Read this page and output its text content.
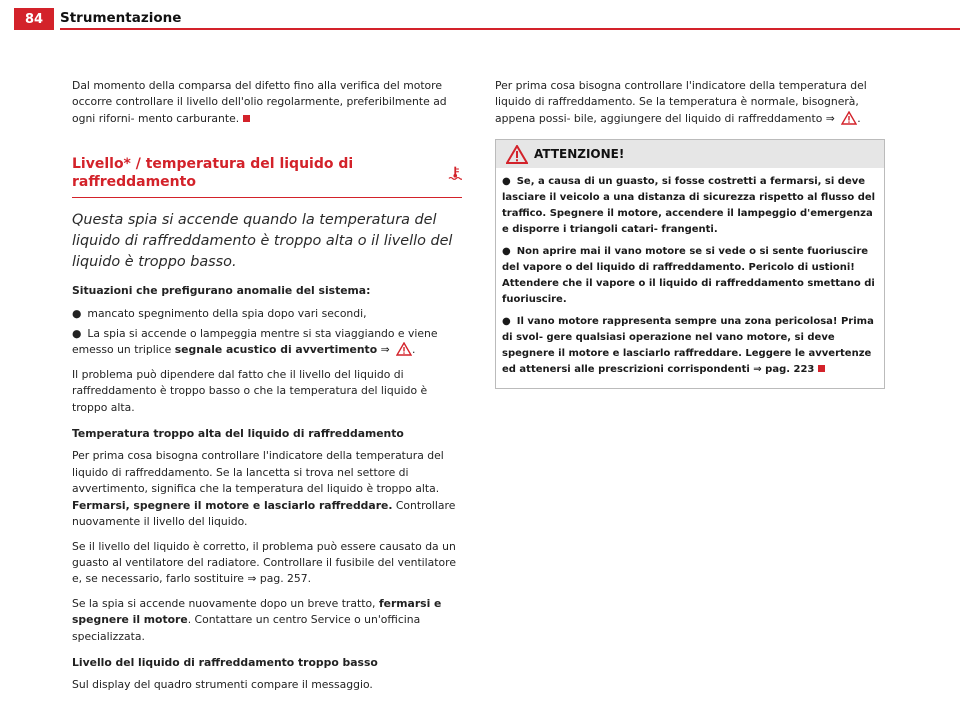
84	Strumentazione

Dal momento della comparsa del difetto fino alla verifica del motore occorre controllare il livello dell'olio regolarmente, preferibilmente ad ogni riforni- mento carburante.

Livello* / temperatura del liquido di raffreddamento
Questa spia si accende quando la temperatura del liquido di raffreddamento è troppo alta o il livello del liquido è troppo basso.
Situazioni che prefigurano anomalie del sistema:
● mancato spegnimento della spia dopo vari secondi,
● La spia si accende o lampeggia mentre si sta viaggiando e viene emesso un triplice segnale acustico di avvertimento ⇒ .

Il problema può dipendere dal fatto che il livello del liquido di raffreddamento è troppo basso o che la temperatura del liquido è troppo alta.

Temperatura troppo alta del liquido di raffreddamento

Per prima cosa bisogna controllare l'indicatore della temperatura del liquido di raffreddamento. Se la lancetta si trova nel settore di avvertimento, significa che la temperatura del liquido è troppo alta. Fermarsi, spegnere il motore e lasciarlo raffreddare. Controllare nuovamente il livello del liquido.

Se il livello del liquido è corretto, il problema può essere causato da un guasto al ventilatore del radiatore. Controllare il fusibile del ventilatore e, se necessario, farlo sostituire ⇒ pag. 257.

Se la spia si accende nuovamente dopo un breve tratto, fermarsi e spegnere il motore. Contattare un centro Service o un'officina specializzata.

Livello del liquido di raffreddamento troppo basso

Sul display del quadro strumenti compare il messaggio.

Per prima cosa bisogna controllare l'indicatore della temperatura del liquido di raffreddamento. Se la temperatura è normale, bisognerà, appena possi- bile, aggiungere del liquido di raffreddamento ⇒ .

ATTENZIONE!
● Se, a causa di un guasto, si fosse costretti a fermarsi, si deve lasciare il veicolo a una distanza di sicurezza rispetto al flusso del traffico. Spegnere il motore, accendere il lampeggio d'emergenza e disporre i triangoli catari- frangenti.
● Non aprire mai il vano motore se si vede o si sente fuoriuscire del vapore o del liquido di raffreddamento. Pericolo di ustioni! Attendere che il vapore o il liquido di raffreddamento smettano di fuoriuscire.
● Il vano motore rappresenta sempre una zona pericolosa! Prima di svol- gere qualsiasi operazione nel vano motore, si deve spegnere il motore e lasciarlo raffreddare. Leggere le avvertenze ed attenersi alle prescrizioni corrispondenti ⇒ pag. 223
